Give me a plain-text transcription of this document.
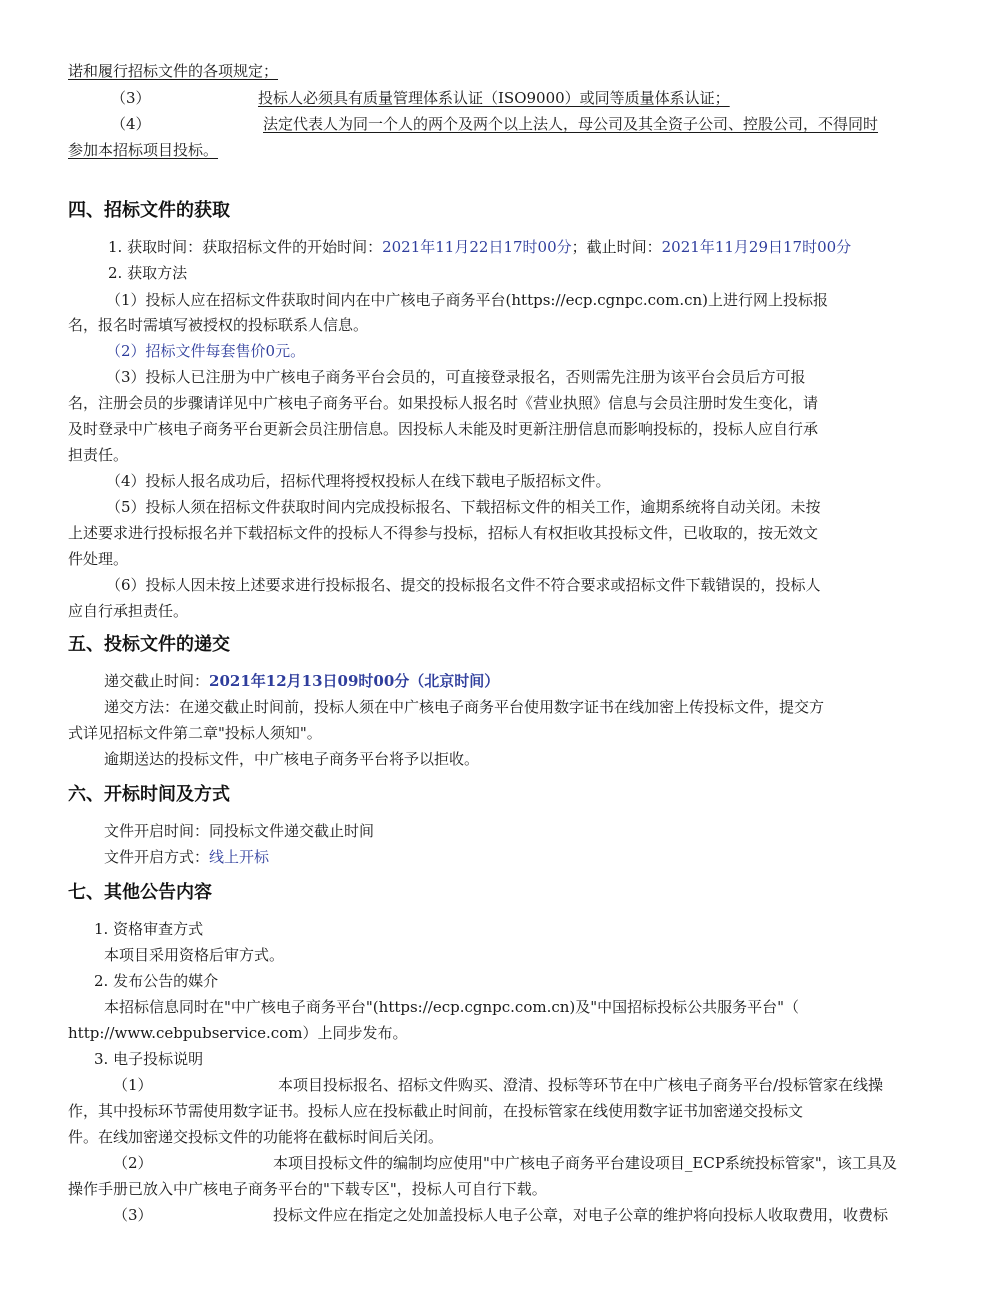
诺和履行招标文件的各项规定；
（3）	投标人必须具有质量管理体系认证（ISO9000）或同等质量体系认证；
（4）	法定代表人为同一个人的两个及两个以上法人，母公司及其全资子公司、控股公司，不得同时
参加本招标项目投标。
四、招标文件的获取
1. 获取时间：获取招标文件的开始时间：2021年11月22日17时00分；截止时间：2021年11月29日17时00分
2. 获取方法
（1）投标人应在招标文件获取时间内在中广核电子商务平台(https://ecp.cgnpc.com.cn)上进行网上投标报
名，报名时需填写被授权的投标联系人信息。
（2）招标文件每套售价0元。
（3）投标人已注册为中广核电子商务平台会员的，可直接登录报名，否则需先注册为该平台会员后方可报
名，注册会员的步骤请详见中广核电子商务平台。如果投标人报名时《营业执照》信息与会员注册时发生变化，请
及时登录中广核电子商务平台更新会员注册信息。因投标人未能及时更新注册信息而影响投标的，投标人应自行承
担责任。
（4）投标人报名成功后，招标代理将授权投标人在线下载电子版招标文件。
（5）投标人须在招标文件获取时间内完成投标报名、下载招标文件的相关工作，逾期系统将自动关闭。未按
上述要求进行投标报名并下载招标文件的投标人不得参与投标，招标人有权拒收其投标文件，已收取的，按无效文
件处理。
（6）投标人因未按上述要求进行投标报名、提交的投标报名文件不符合要求或招标文件下载错误的，投标人
应自行承担责任。
五、投标文件的递交
递交截止时间：2021年12月13日09时00分（北京时间）
递交方法：在递交截止时间前，投标人须在中广核电子商务平台使用数字证书在线加密上传投标文件，提交方
式详见招标文件第二章"投标人须知"。
逾期送达的投标文件，中广核电子商务平台将予以拒收。
六、开标时间及方式
文件开启时间：同投标文件递交截止时间
文件开启方式：线上开标
七、其他公告内容
1. 资格审查方式
本项目采用资格后审方式。
2. 发布公告的媒介
本招标信息同时在"中广核电子商务平台"(https://ecp.cgnpc.com.cn)及"中国招标投标公共服务平台"（
http://www.cebpubservice.com）上同步发布。
3. 电子投标说明
（1）	本项目投标报名、招标文件购买、澄清、投标等环节在中广核电子商务平台/投标管家在线操
作，其中投标环节需使用数字证书。投标人应在投标截止时间前，在投标管家在线使用数字证书加密递交投标文
件。在线加密递交投标文件的功能将在截标时间后关闭。
（2）	本项目投标文件的编制均应使用"中广核电子商务平台建设项目_ECP系统投标管家"，该工具及
操作手册已放入中广核电子商务平台的"下载专区"，投标人可自行下载。
（3）	投标文件应在指定之处加盖投标人电子公章，对电子公章的维护将向投标人收取费用，收费标
